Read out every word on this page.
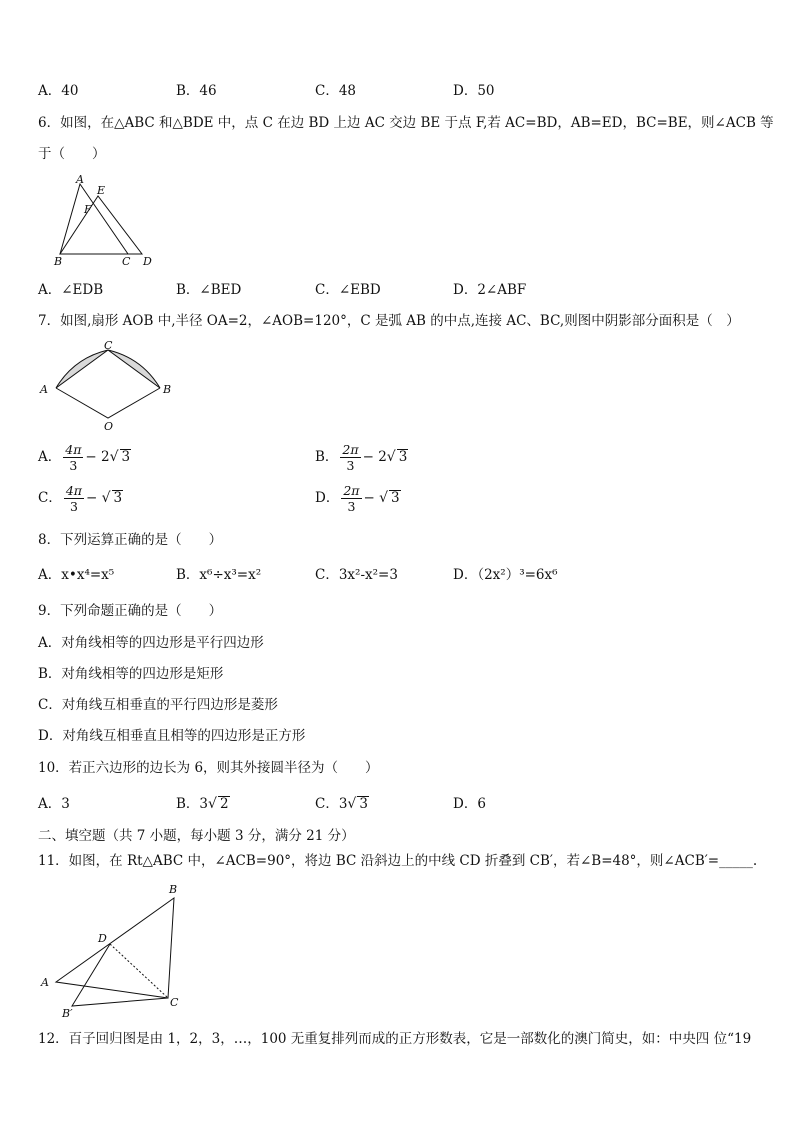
A．40	B．46	C．48	D．50
6．如图，在△ABC 和△BDE 中，点 C 在边 BD 上边 AC 交边 BE 于点 F,若 AC=BD，AB=ED，BC=BE，则∠ACB 等
于（　　）
A
E
F
B	C D
A．∠EDB	B．∠BED	C．∠EBD	D．2∠ABF
7．如图,扇形 AOB 中,半径 OA=2，∠AOB=120°，C 是弧 AB 的中点,连接 AC、BC,则图中阴影部分面积是（　）
C
A	B
O
A． $\frac{4\pi}{3} - 2√$ 3	B． $\frac{2\pi}{3} - 2√$ 3
C． $\frac{4\pi}{3}$ − √ 3	D． $\frac{2\pi}{3}$ − √ 3
8．下列运算正确的是（　　）
A．x•x⁴=x⁵	B．x⁶÷x³=x²	C．3x²-x²=3	D．（2x²）³=6x⁶
9．下列命题正确的是（　　）
A．对角线相等的四边形是平行四边形
B．对角线相等的四边形是矩形
C．对角线互相垂直的平行四边形是菱形
D．对角线互相垂直且相等的四边形是正方形
10．若正六边形的边长为 6，则其外接圆半径为（　　）
A．3	B．3√ 2	C．3√ 3	D．6
二、填空题（共 7 小题，每小题 3 分，满分 21 分）
11．如图，在 Rt△ABC 中，∠ACB=90°，将边 BC 沿斜边上的中线 CD 折叠到 CB′，若∠B=48°，则∠ACB′=_____.
B
D
A
B′
C
12．百子回归图是由 1，2，3，…，100 无重复排列而成的正方形数表，它是一部数化的澳门简史，如：中央四 位“19
